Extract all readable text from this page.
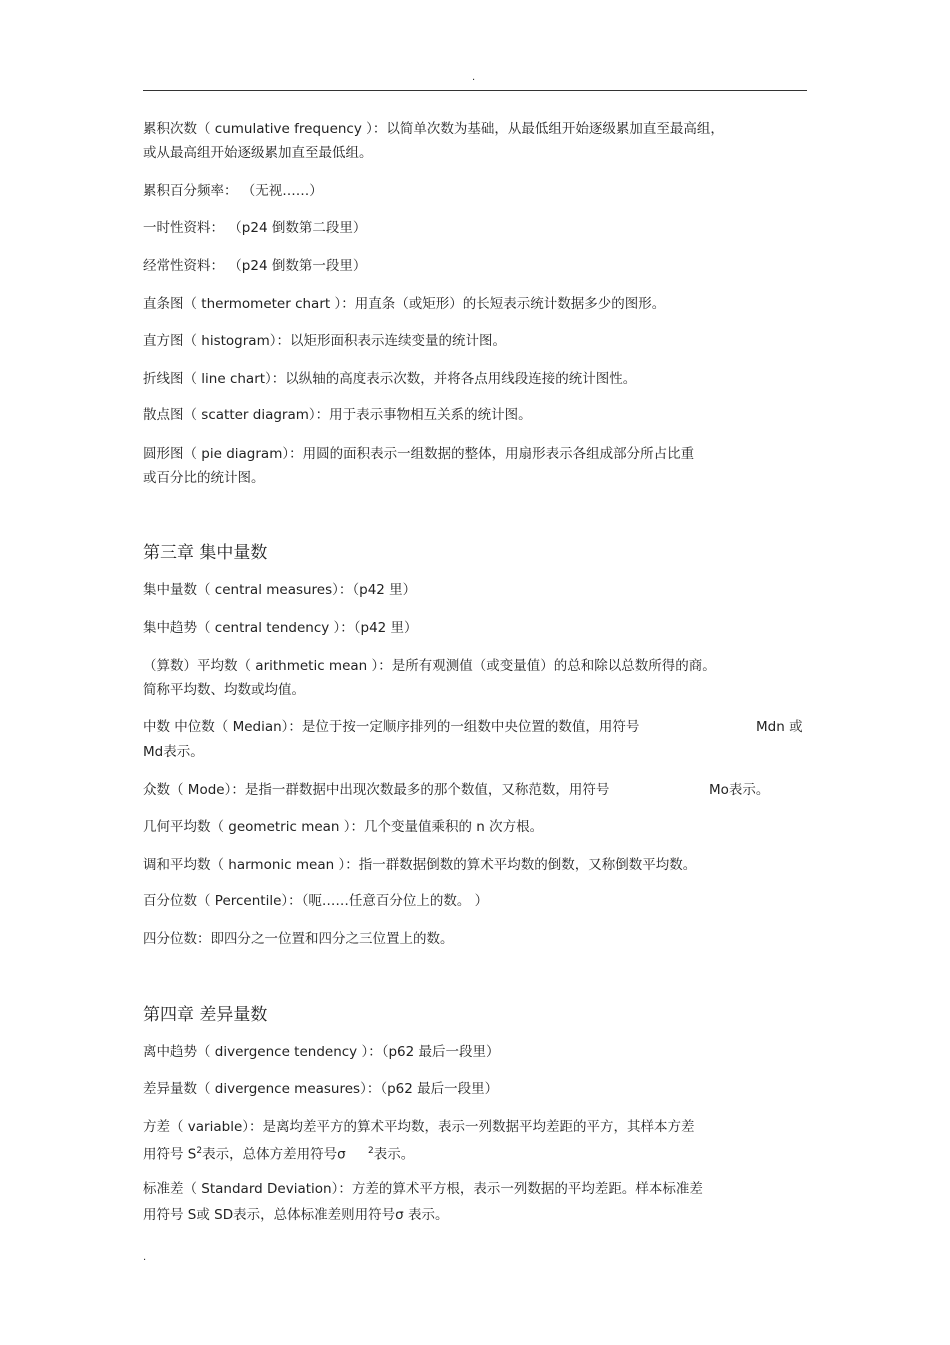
.
累积次数（ cumulative frequency ）：以简单次数为基础，从最低组开始逐级累加直至最高组，
或从最高组开始逐级累加直至最低组。
累积百分频率： （无视……）
一时性资料： （p24 倒数第二段里）
经常性资料： （p24 倒数第一段里）
直条图（ thermometer chart ）：用直条（或矩形）的长短表示统计数据多少的图形。
直方图（ histogram）：以矩形面积表示连续变量的统计图。
折线图（ line chart）：以纵轴的高度表示次数，并将各点用线段连接的统计图性。
散点图（ scatter diagram）：用于表示事物相互关系的统计图。
圆形图（ pie diagram）：用圆的面积表示一组数据的整体，用扇形表示各组成部分所占比重
或百分比的统计图。
第三章 集中量数
集中量数（ central measures）：（p42 里）
集中趋势（ central tendency ）：（p42 里）
（算数）平均数（ arithmetic mean ）：是所有观测值（或变量值）的总和除以总数所得的商。
简称平均数、均数或均值。
中数 中位数（ Median）：是位于按一定顺序排列的一组数中央位置的数值，用符号	Mdn 或
Md表示。
众数（ Mode）：是指一群数据中出现次数最多的那个数值，又称范数，用符号	Mo表示。
几何平均数（ geometric mean ）：几个变量值乘积的 n 次方根。
调和平均数（ harmonic mean ）：指一群数据倒数的算术平均数的倒数，又称倒数平均数。
百分位数（ Percentile）：（呃……任意百分位上的数。 ）
四分位数：即四分之一位置和四分之三位置上的数。
第四章 差异量数
离中趋势（ divergence tendency ）：（p62 最后一段里）
差异量数（ divergence measures）：（p62 最后一段里）
方差（ variable）：是离均差平方的算术平均数，表示一列数据平均差距的平方，其样本方差
用符号 $S^2$表示，总体方差用符号σ $^2$表示。
标准差（ Standard Deviation）：方差的算术平方根，表示一列数据的平均差距。样本标准差
用符号 S或 SD表示，总体标准差则用符号σ 表示。
.
